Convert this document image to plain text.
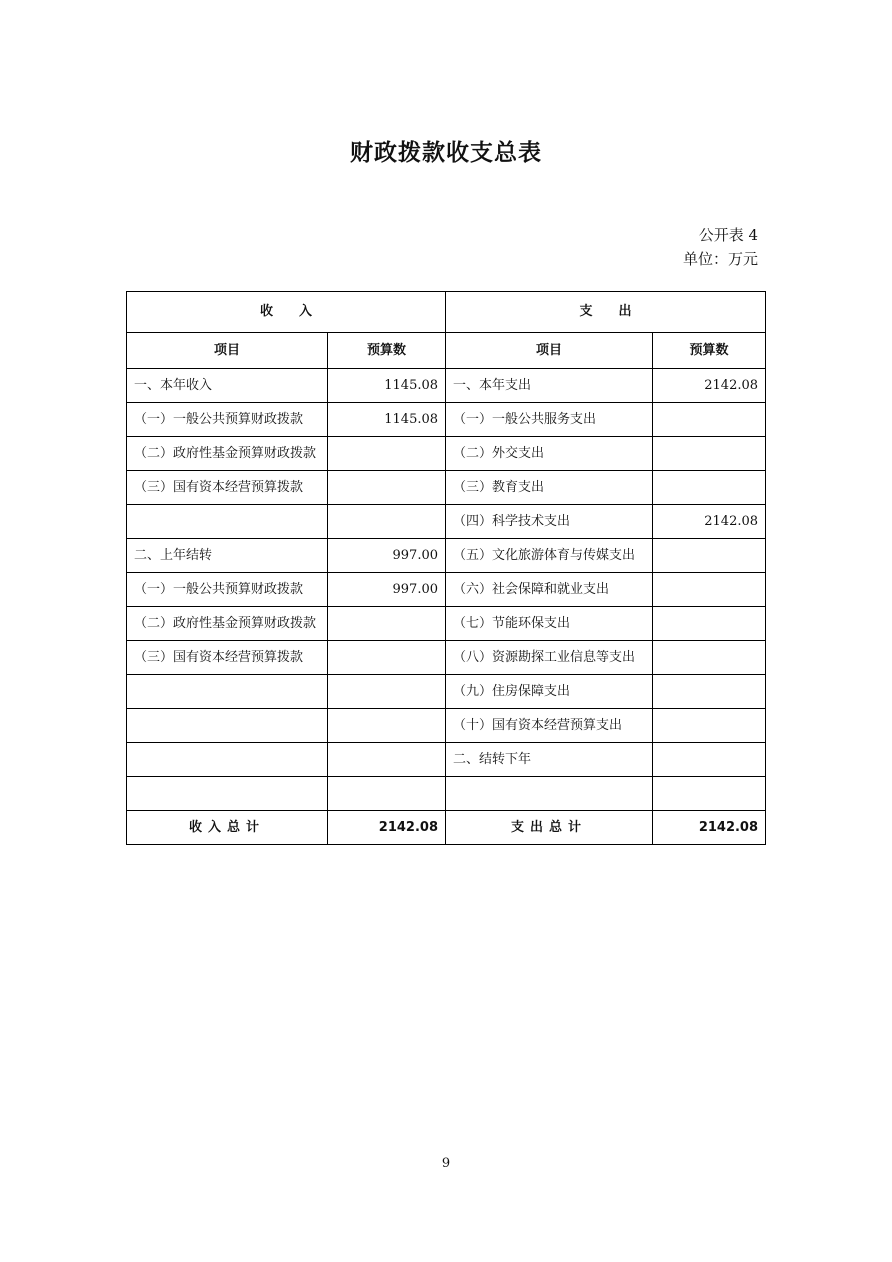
财政拨款收支总表
公开表 4
单位：万元
收　　入		支　　出	
项目	预算数	项目	预算数
一、本年收入	1145.08	一、本年支出	2142.08
（一）一般公共预算财政拨款	1145.08	（一）一般公共服务支出	
（二）政府性基金预算财政拨款		（二）外交支出	
（三）国有资本经营预算拨款		（三）教育支出	
		（四）科学技术支出	2142.08
二、上年结转	997.00	（五）文化旅游体育与传媒支出	
（一）一般公共预算财政拨款	997.00	（六）社会保障和就业支出	
（二）政府性基金预算财政拨款		（七）节能环保支出	
（三）国有资本经营预算拨款		（八）资源勘探工业信息等支出	
		（九）住房保障支出	
		（十）国有资本经营预算支出	
		二、结转下年	

收入总计	2142.08	支出总计	2142.08
9
